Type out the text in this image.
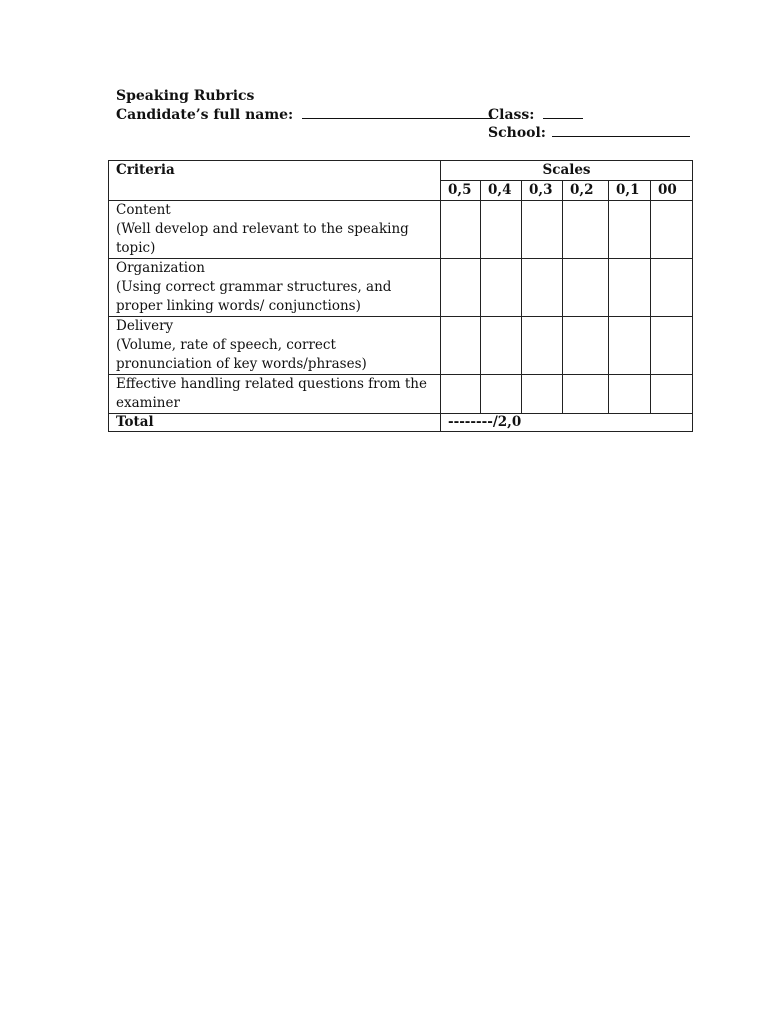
Speaking Rubrics
Candidate’s full name:	Class:
School:
Criteria	Scales					
	0,5	0,4	0,3	0,2	0,1	00

Content
(Well develop and relevant to the speaking topic)						

Organization
(Using correct grammar structures, and proper linking words/ conjunctions)						

Delivery
(Volume, rate of speech, correct pronunciation of key words/phrases)						

Effective handling related questions from the examiner						

Total	--------/2,0					
